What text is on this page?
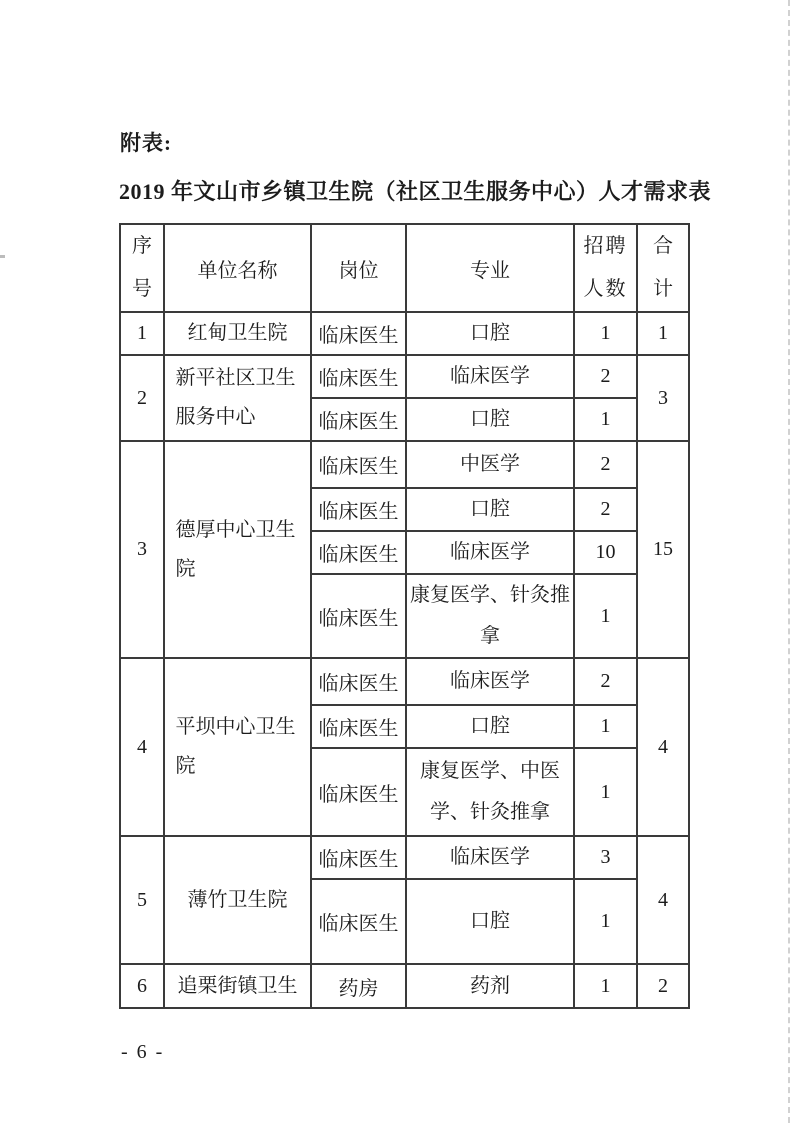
附表:
2019 年文山市乡镇卫生院（社区卫生服务中心）人才需求表
序号	单位名称	岗位	专业	招聘人数	合计
1	红甸卫生院	临床医生	口腔	1	1
2	新平社区卫生服务中心	临床医生	临床医学	2	3
		临床医生	口腔	1	
3	德厚中心卫生院	临床医生	中医学	2	15
		临床医生	口腔	2	
		临床医生	临床医学	10	
		临床医生	康复医学、针灸推拿	1	
4	平坝中心卫生院	临床医生	临床医学	2	4
		临床医生	口腔	1	
		临床医生	康复医学、中医学、针灸推拿	1	
5	薄竹卫生院	临床医生	临床医学	3	4
		临床医生	口腔	1	
6	追栗街镇卫生	药房	药剂	1	2
- 6 -
